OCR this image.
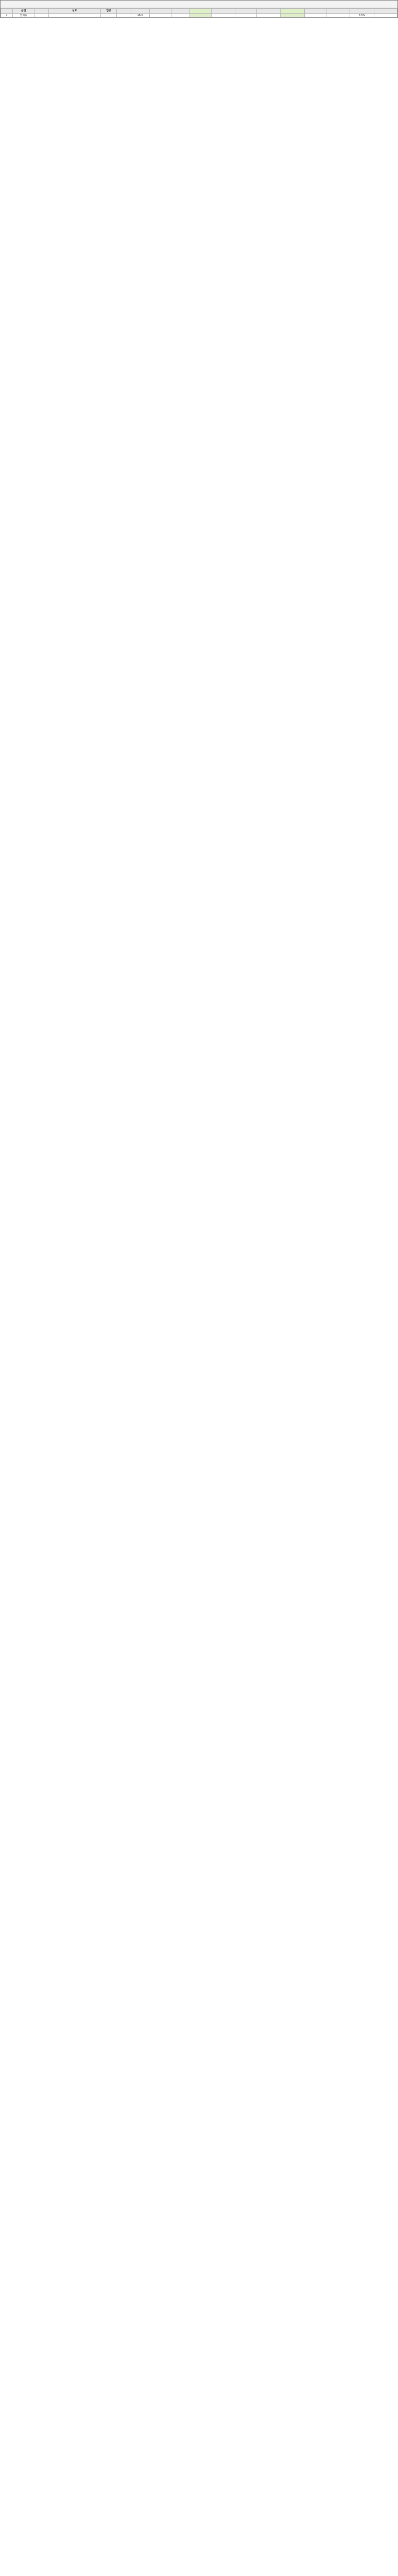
	읍면		상호	업종													
1	연희동					16.0										7.5%	
